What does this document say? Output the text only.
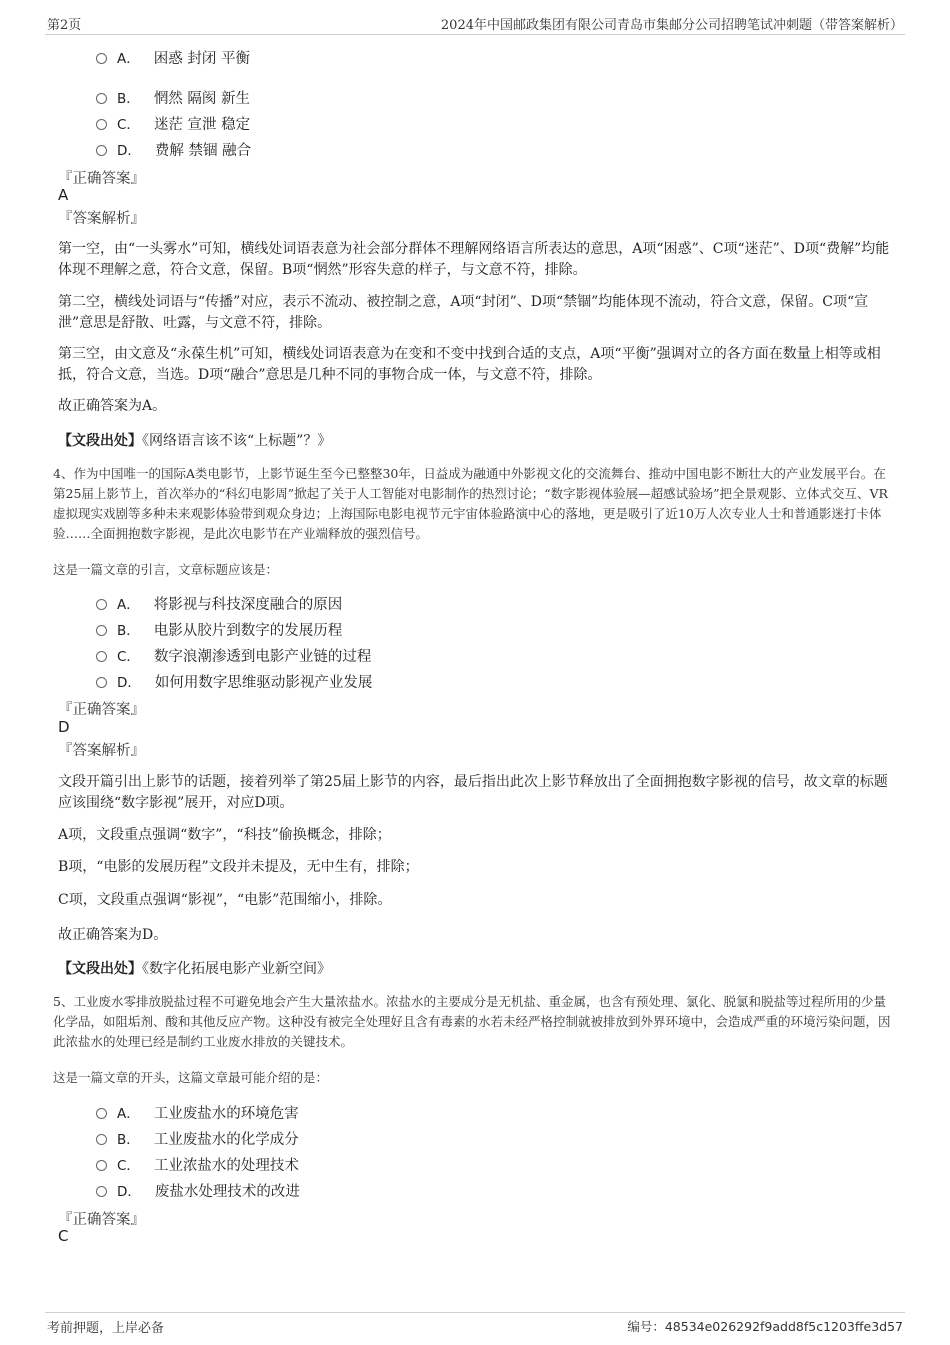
第2页	2024年中国邮政集团有限公司青岛市集邮分公司招聘笔试冲刺题（带答案解析）
A． 困惑 封闭 平衡
B． 惘然 隔阂 新生
C． 迷茫 宣泄 稳定
D． 费解 禁锢 融合
『正确答案』
A
『答案解析』
第一空，由“一头雾水”可知，横线处词语表意为社会部分群体不理解网络语言所表达的意思，A项“困惑”、C项“迷茫”、D项“费解”均能体现不理解之意，符合文意，保留。B项“惘然”形容失意的样子，与文意不符，排除。
第二空，横线处词语与“传播”对应，表示不流动、被控制之意，A项“封闭”、D项“禁锢”均能体现不流动，符合文意，保留。C项“宣泄”意思是舒散、吐露，与文意不符，排除。
第三空，由文意及“永葆生机”可知，横线处词语表意为在变和不变中找到合适的支点，A项“平衡”强调对立的各方面在数量上相等或相抵，符合文意，当选。D项“融合”意思是几种不同的事物合成一体，与文意不符，排除。
故正确答案为A。
【文段出处】《网络语言该不该“上标题”？》
4、作为中国唯一的国际A类电影节，上影节诞生至今已整整30年，日益成为融通中外影视文化的交流舞台、推动中国电影不断壮大的产业发展平台。在第25届上影节上，首次举办的“科幻电影周”掀起了关于人工智能对电影制作的热烈讨论；“数字影视体验展—超感试验场”把全景观影、立体式交互、VR虚拟现实戏剧等多种未来观影体验带到观众身边；上海国际电影电视节元宇宙体验路演中心的落地，更是吸引了近10万人次专业人士和普通影迷打卡体验……全面拥抱数字影视，是此次电影节在产业端释放的强烈信号。
这是一篇文章的引言，文章标题应该是：
A． 将影视与科技深度融合的原因
B． 电影从胶片到数字的发展历程
C． 数字浪潮渗透到电影产业链的过程
D． 如何用数字思维驱动影视产业发展
『正确答案』
D
『答案解析』
文段开篇引出上影节的话题，接着列举了第25届上影节的内容，最后指出此次上影节释放出了全面拥抱数字影视的信号，故文章的标题应该围绕“数字影视”展开，对应D项。
A项，文段重点强调“数字”，“科技”偷换概念，排除；
B项，“电影的发展历程”文段并未提及，无中生有，排除；
C项，文段重点强调“影视”，“电影”范围缩小，排除。
故正确答案为D。
【文段出处】《数字化拓展电影产业新空间》
5、工业废水零排放脱盐过程不可避免地会产生大量浓盐水。浓盐水的主要成分是无机盐、重金属，也含有预处理、氯化、脱氯和脱盐等过程所用的少量化学品，如阻垢剂、酸和其他反应产物。这种没有被完全处理好且含有毒素的水若未经严格控制就被排放到外界环境中，会造成严重的环境污染问题，因此浓盐水的处理已经是制约工业废水排放的关键技术。
这是一篇文章的开头，这篇文章最可能介绍的是：
A． 工业废盐水的环境危害
B． 工业废盐水的化学成分
C． 工业浓盐水的处理技术
D． 废盐水处理技术的改进
『正确答案』
C
考前押题，上岸必备	编号：48534e026292f9add8f5c1203ffe3d57
